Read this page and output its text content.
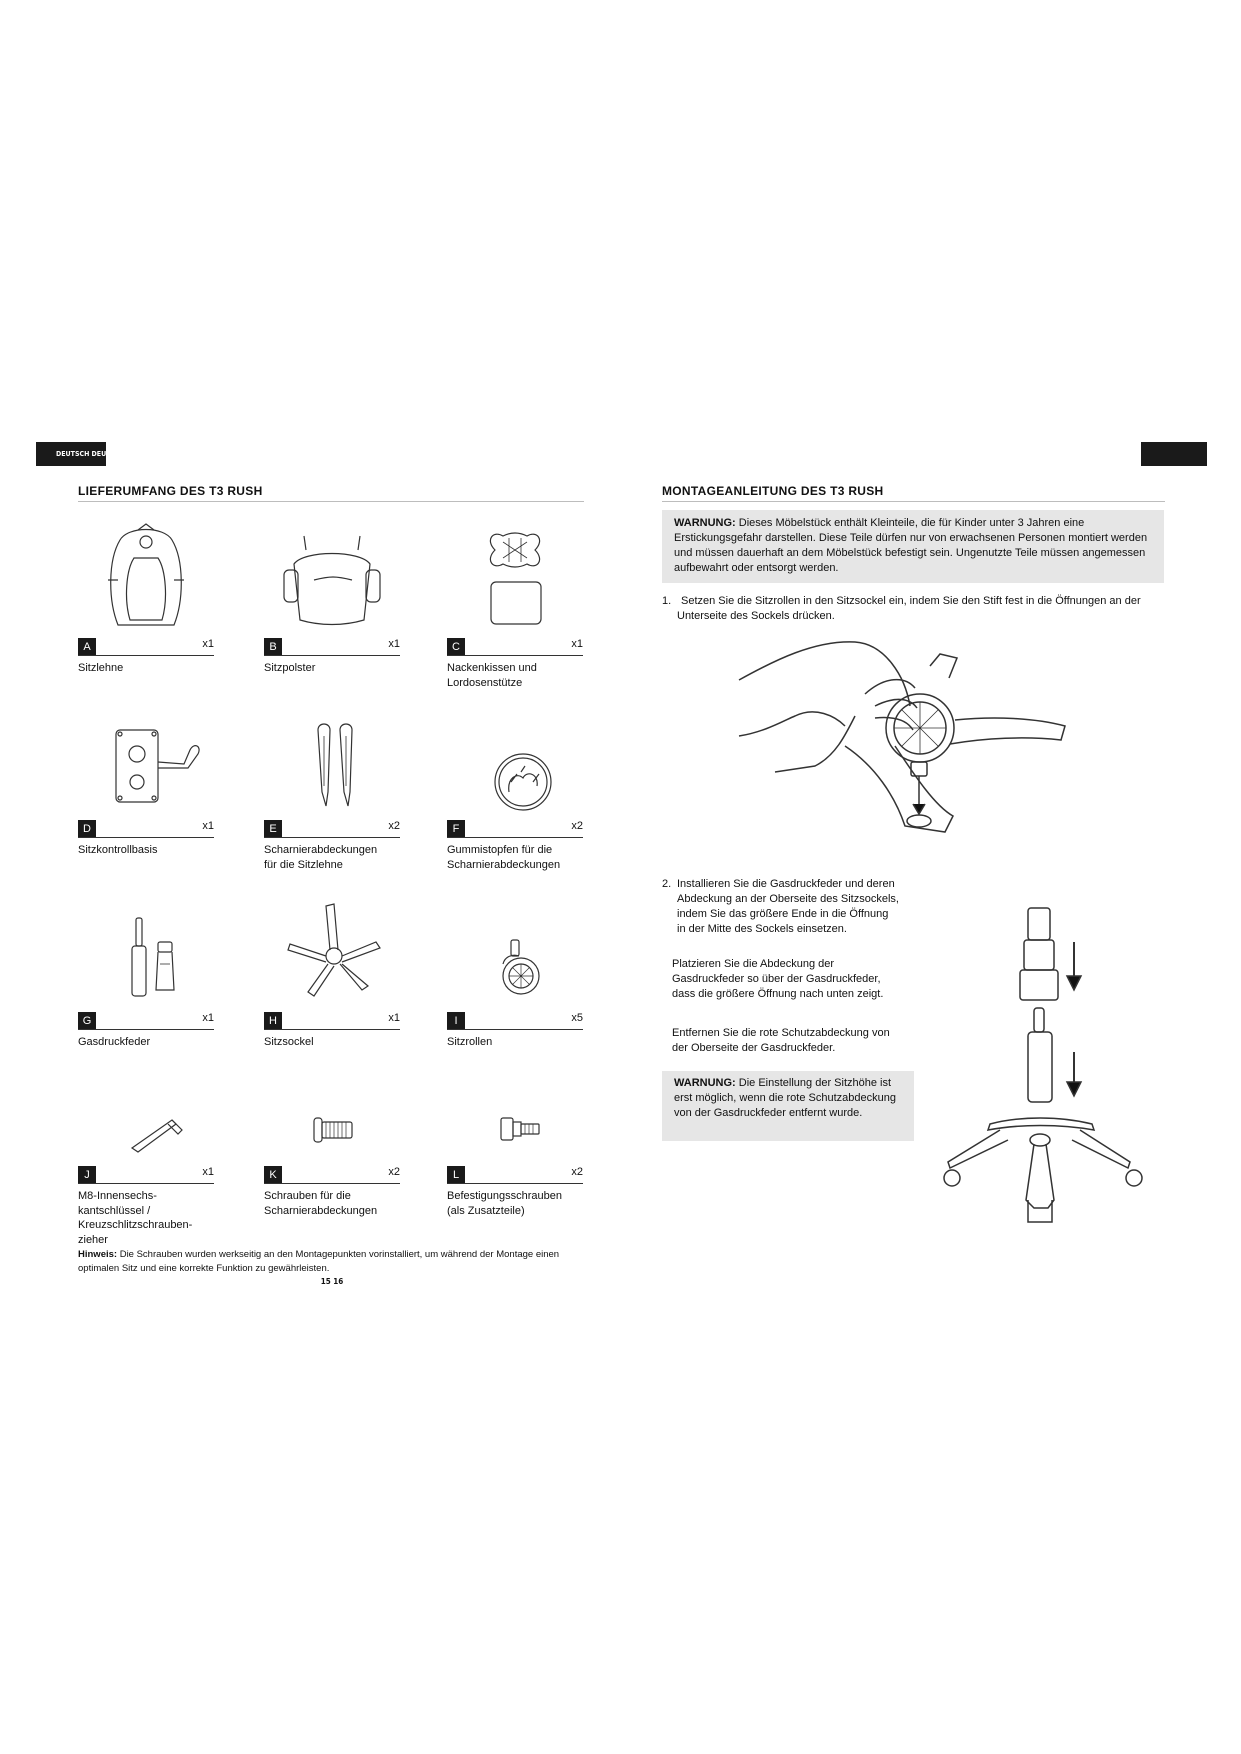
DEUTSCH DEUTSCH
LIEFERUMFANG DES T3 RUSH
A	x1
Sitzlehne
B	x1
Sitzpolster
C	x1
Nackenkissen und
Lordosenstütze
D	x1
Sitzkontrollbasis
E	x2
Scharnierabdeckungen
für die Sitzlehne
F	x2
Gummistopfen für die
Scharnierabdeckungen
G	x1
Gasdruckfeder
H	x1
Sitzsockel
I	x5
Sitzrollen
J	x1
M8-Innensechs-
kantschlüssel /
Kreuzschlitzschrauben-
zieher
K	x2
Schrauben für die
Scharnierabdeckungen
L	x2
Befestigungsschrauben
(als Zusatzteile)
Hinweis: Die Schrauben wurden werkseitig an den Montagepunkten vorinstalliert, um während der Montage einen optimalen Sitz und eine korrekte Funktion zu gewährleisten.
15 16
MONTAGEANLEITUNG DES T3 RUSH
WARNUNG: Dieses Möbelstück enthält Kleinteile, die für Kinder unter 3 Jahren eine Erstickungsgefahr darstellen. Diese Teile dürfen nur von erwachsenen Personen montiert werden und müssen dauerhaft an dem Möbelstück befestigt sein. Ungenutzte Teile müssen angemessen aufbewahrt oder entsorgt werden.
1. Setzen Sie die Sitzrollen in den Sitzsockel ein, indem Sie den Stift fest in die Öffnungen an der Unterseite des Sockels drücken.
2. Installieren Sie die Gasdruckfeder und deren Abdeckung an der Oberseite des Sitzsockels, indem Sie das größere Ende in die Öffnung in der Mitte des Sockels einsetzen.
Platzieren Sie die Abdeckung der Gasdruckfeder so über der Gasdruckfeder, dass die größere Öffnung nach unten zeigt.
Entfernen Sie die rote Schutzabdeckung von der Oberseite der Gasdruckfeder.
WARNUNG: Die Einstellung der Sitzhöhe ist erst möglich, wenn die rote Schutzabdeckung von der Gasdruckfeder entfernt wurde.
